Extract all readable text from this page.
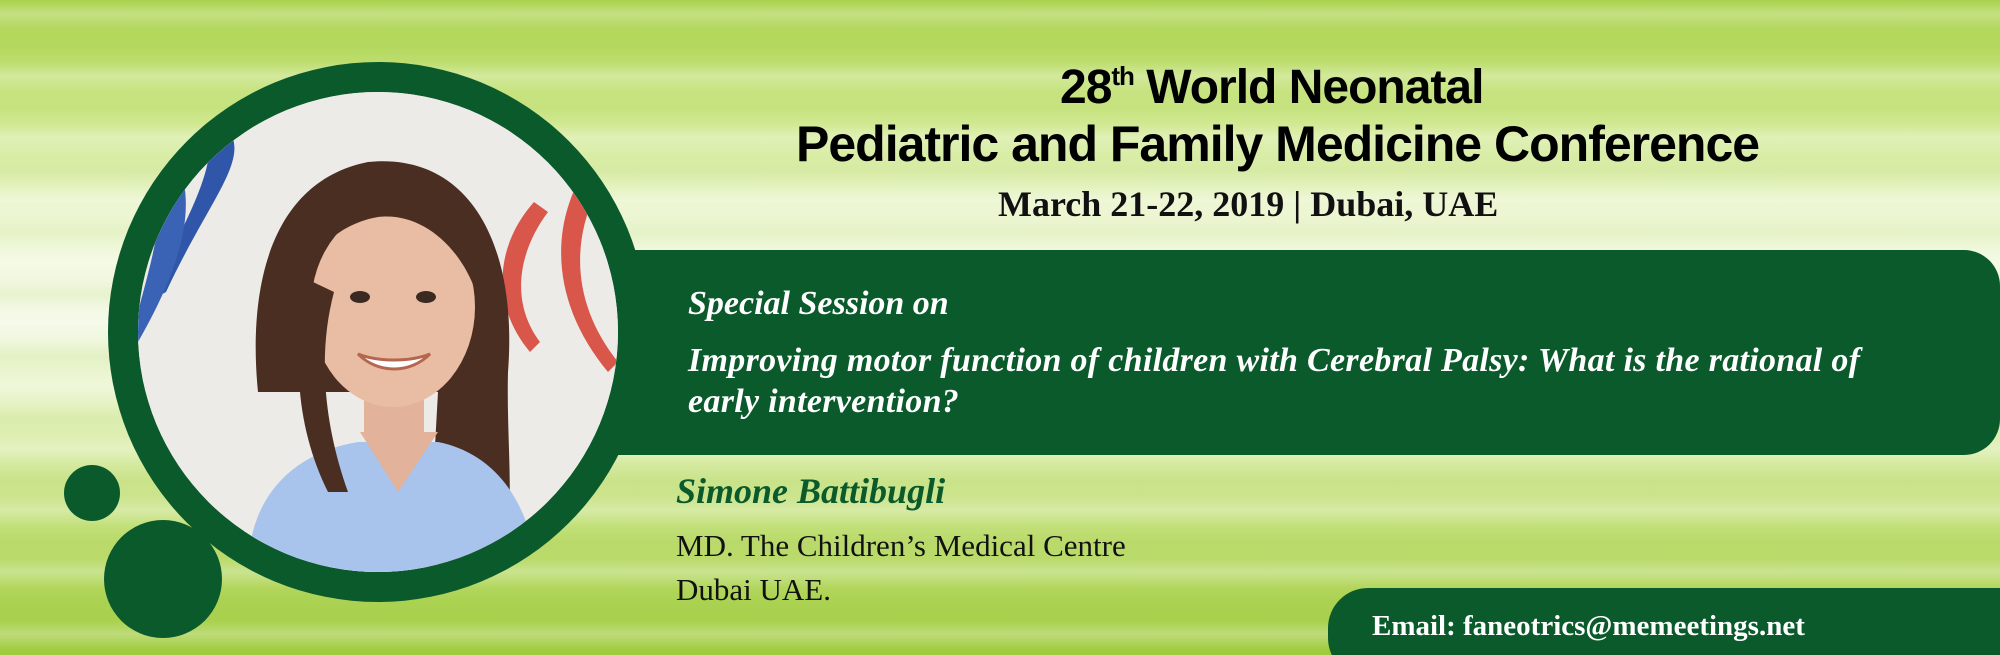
28th World Neonatal
Pediatric and Family Medicine Conference
March 21-22, 2019 | Dubai, UAE
Special Session on
Improving motor function of children with Cerebral Palsy: What is the rational of early intervention?
Simone Battibugli
MD. The Children’s Medical Centre
Dubai UAE.
Email: faneotrics@memeetings.net
